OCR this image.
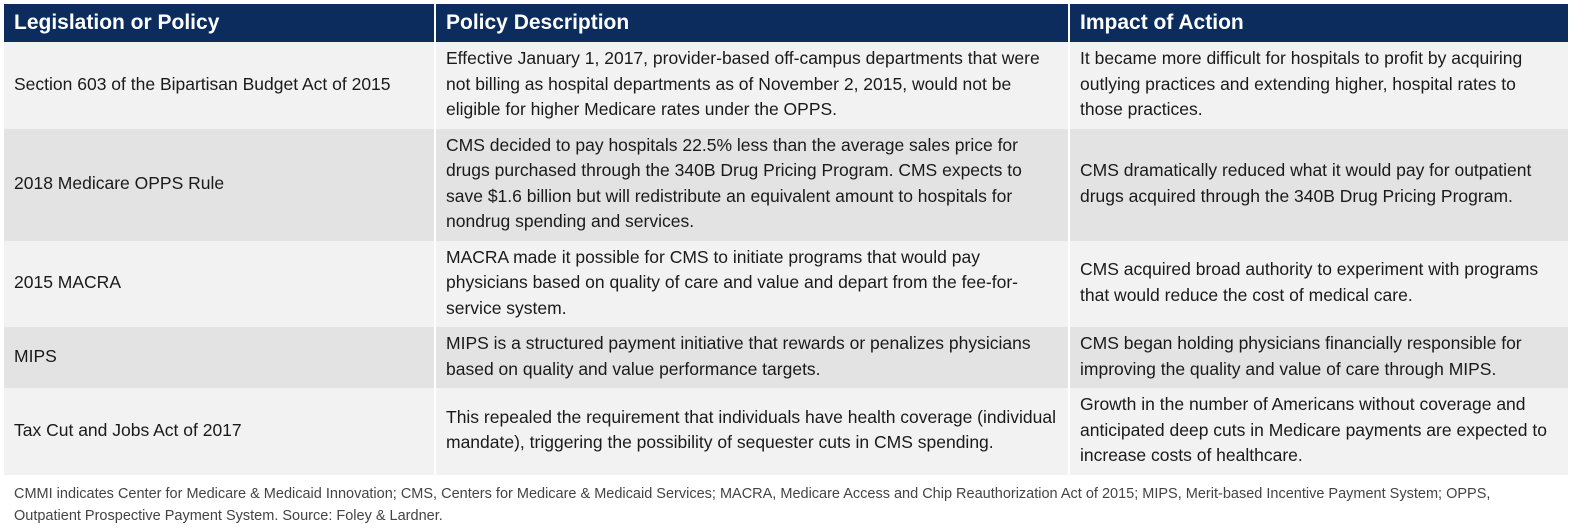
Legislation or Policy	Policy Description	Impact of Action
Section 603 of the Bipartisan Budget Act of 2015	Effective January 1, 2017, provider-based off-campus departments that were not billing as hospital departments as of November 2, 2015, would not be eligible for higher Medicare rates under the OPPS.	It became more difficult for hospitals to profit by acquiring outlying practices and extending higher, hospital rates to those practices.
2018 Medicare OPPS Rule	CMS decided to pay hospitals 22.5% less than the average sales price for drugs purchased through the 340B Drug Pricing Program. CMS expects to save $1.6 billion but will redistribute an equivalent amount to hospitals for nondrug spending and services.	CMS dramatically reduced what it would pay for outpatient drugs acquired through the 340B Drug Pricing Program.
2015 MACRA	MACRA made it possible for CMS to initiate programs that would pay physicians based on quality of care and value and depart from the fee-for-service system.	CMS acquired broad authority to experiment with programs that would reduce the cost of medical care.
MIPS	MIPS is a structured payment initiative that rewards or penalizes physicians based on quality and value performance targets.	CMS began holding physicians financially responsible for improving the quality and value of care through MIPS.
Tax Cut and Jobs Act of 2017	This repealed the requirement that individuals have health coverage (individual mandate), triggering the possibility of sequester cuts in CMS spending.	Growth in the number of Americans without coverage and anticipated deep cuts in Medicare payments are expected to increase costs of healthcare.
CMMI indicates Center for Medicare & Medicaid Innovation; CMS, Centers for Medicare & Medicaid Services; MACRA, Medicare Access and Chip Reauthorization Act of 2015; MIPS, Merit-based Incentive Payment System; OPPS, Outpatient Prospective Payment System. Source: Foley & Lardner.
